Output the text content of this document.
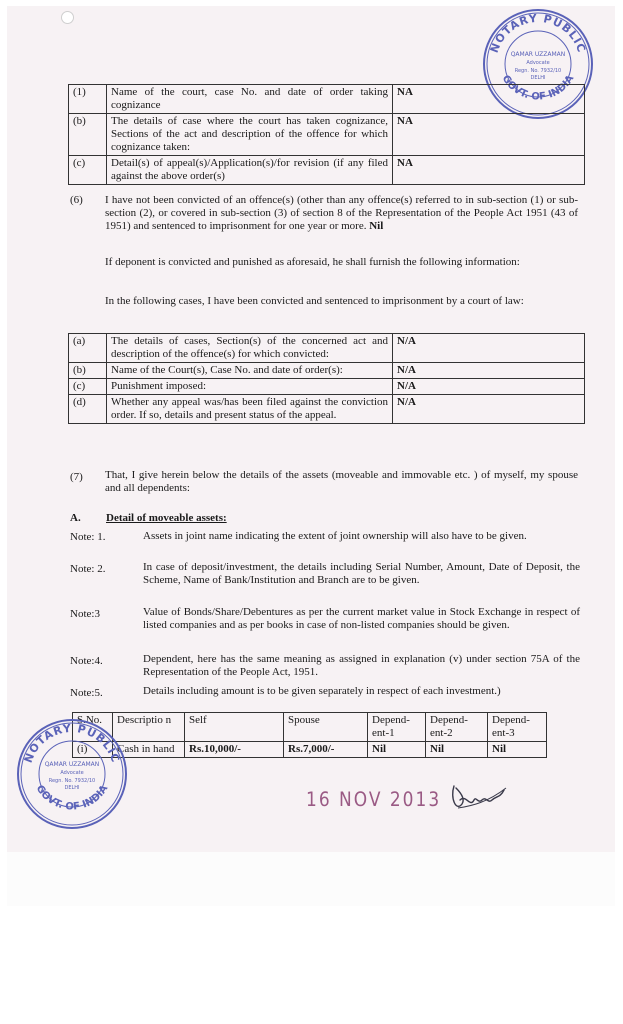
NOTARY PUBLIC
GOVT. OF INDIA
QAMAR UZZAMAN
Advocate
Regn. No. 7932/10
DELHI
(1)	Name of the court, case No. and date of order taking cognizance	NA
(b)	The details of case where the court has taken cognizance, Sections of the act and description of the offence for which cognizance taken:	NA
(c)	Detail(s) of appeal(s)/Application(s)/for revision (if any filed against the above order(s)	NA
(6) I have not been convicted of an offence(s) (other than any offence(s) referred to in sub-section (1) or sub-section (2), or covered in sub-section (3) of section 8 of the Representation of the People Act 1951 (43 of 1951) and sentenced to imprisonment for one year or more. Nil
If deponent is convicted and punished as aforesaid, he shall furnish the following information:
In the following cases, I have been convicted and sentenced to imprisonment by a court of law:
(a)	The details of cases, Section(s) of the concerned act and description of the offence(s) for which convicted:	N/A
(b)	Name of the Court(s), Case No. and date of order(s):	N/A
(c)	Punishment imposed:	N/A
(d)	Whether any appeal was/has been filed against the conviction order. If so, details and present status of the appeal.	N/A
(7) That, I give herein below the details of the assets (moveable and immovable etc. ) of myself, my spouse and all dependents:
A. Detail of moveable assets:
Note: 1.	Assets in joint name indicating the extent of joint ownership will also have to be given.
Note: 2.	In case of deposit/investment, the details including Serial Number, Amount, Date of Deposit, the Scheme, Name of Bank/Institution and Branch are to be given.
Note:3	Value of Bonds/Share/Debentures as per the current market value in Stock Exchange in respect of listed companies and as per books in case of non-listed companies should be given.
Note:4.	Dependent, here has the same meaning as assigned in explanation (v) under section 75A of the Representation of the People Act, 1951.
Note:5.	Details including amount is to be given separately in respect of each investment.)
S.No.	Descriptio n	Self	Spouse	Depend- ent-1	Depend- ent-2	Depend- ent-3
(i)	Cash in hand	Rs.10,000/-	Rs.7,000/-	Nil	Nil	Nil
NOTARY PUBLIC
GOVT. OF INDIA
QAMAR UZZAMAN
Advocate
Regn. No. 7932/10
DELHI
16 NOV 2013
